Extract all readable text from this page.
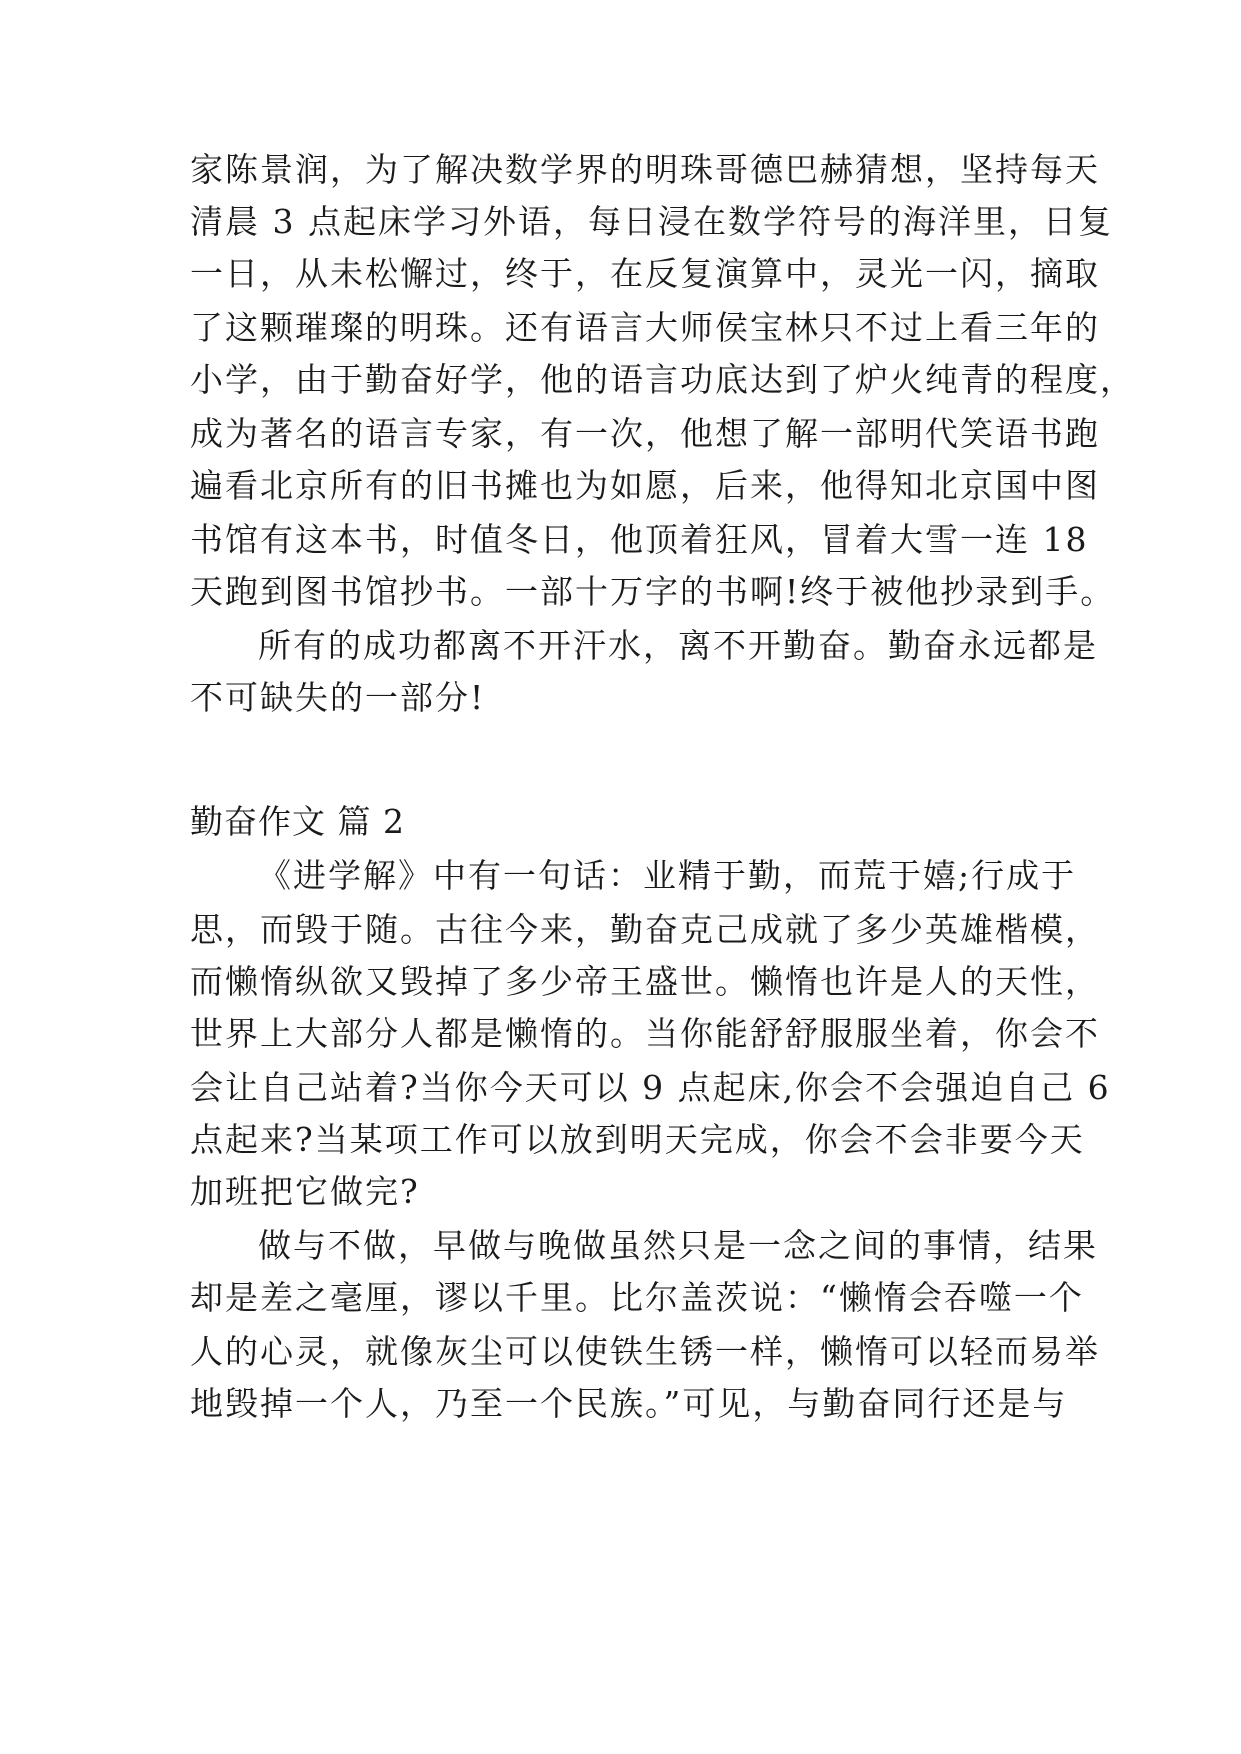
家陈景润，为了解决数学界的明珠哥德巴赫猜想，坚持每天
清晨 3 点起床学习外语，每日浸在数学符号的海洋里，日复
一日，从未松懈过，终于，在反复演算中，灵光一闪，摘取
了这颗璀璨的明珠。还有语言大师侯宝林只不过上看三年的
小学，由于勤奋好学，他的语言功底达到了炉火纯青的程度，
成为著名的语言专家，有一次，他想了解一部明代笑语书跑
遍看北京所有的旧书摊也为如愿，后来，他得知北京国中图
书馆有这本书，时值冬日，他顶着狂风，冒着大雪一连 18
天跑到图书馆抄书。一部十万字的书啊!终于被他抄录到手。
所有的成功都离不开汗水，离不开勤奋。勤奋永远都是
不可缺失的一部分!
勤奋作文 篇 2
《进学解》中有一句话：业精于勤，而荒于嬉;行成于
思，而毁于随。古往今来，勤奋克己成就了多少英雄楷模，
而懒惰纵欲又毁掉了多少帝王盛世。懒惰也许是人的天性，
世界上大部分人都是懒惰的。当你能舒舒服服坐着，你会不
会让自己站着?当你今天可以 9 点起床,你会不会强迫自己 6
点起来?当某项工作可以放到明天完成，你会不会非要今天
加班把它做完?
做与不做，早做与晚做虽然只是一念之间的事情，结果
却是差之毫厘，谬以千里。比尔盖茨说：“懒惰会吞噬一个
人的心灵，就像灰尘可以使铁生锈一样，懒惰可以轻而易举
地毁掉一个人，乃至一个民族。”可见，与勤奋同行还是与
